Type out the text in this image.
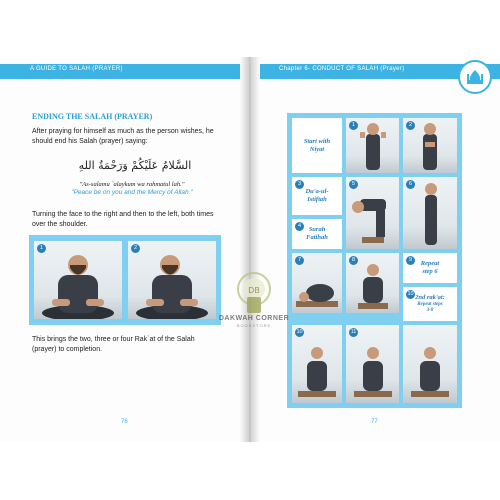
A GUIDE TO SALAH (PRAYER)
ENDING THE SALAH (PRAYER)
After praying for himself as much as the person wishes, he
should end his Salah (prayer) saying:
السَّلامُ عَلَيْكُمْ وَرَحْمَةُ اللهِ
"As-salamu `alaykum wa rahmatul lah."
"Peace be on you and the Mercy of Allah."
Turning the face to the right and then to the left, both times
over the shoulder.
1	2
This brings the two, three or four Rak`at of the Salah
(prayer) to completion.
76
Chapter 6- CONDUCT OF SALAH (Prayer)
Start with
Niyat
1	2
Du'a-ul-
Istiftah
3
Surah
Fatihah
4
5	6
7	8	Repeat
step 6
9
2nd rak'at:
Repeat steps
3-8
10
10	11
77
DB
DAKWAH CORNER
BOOKSTORE
